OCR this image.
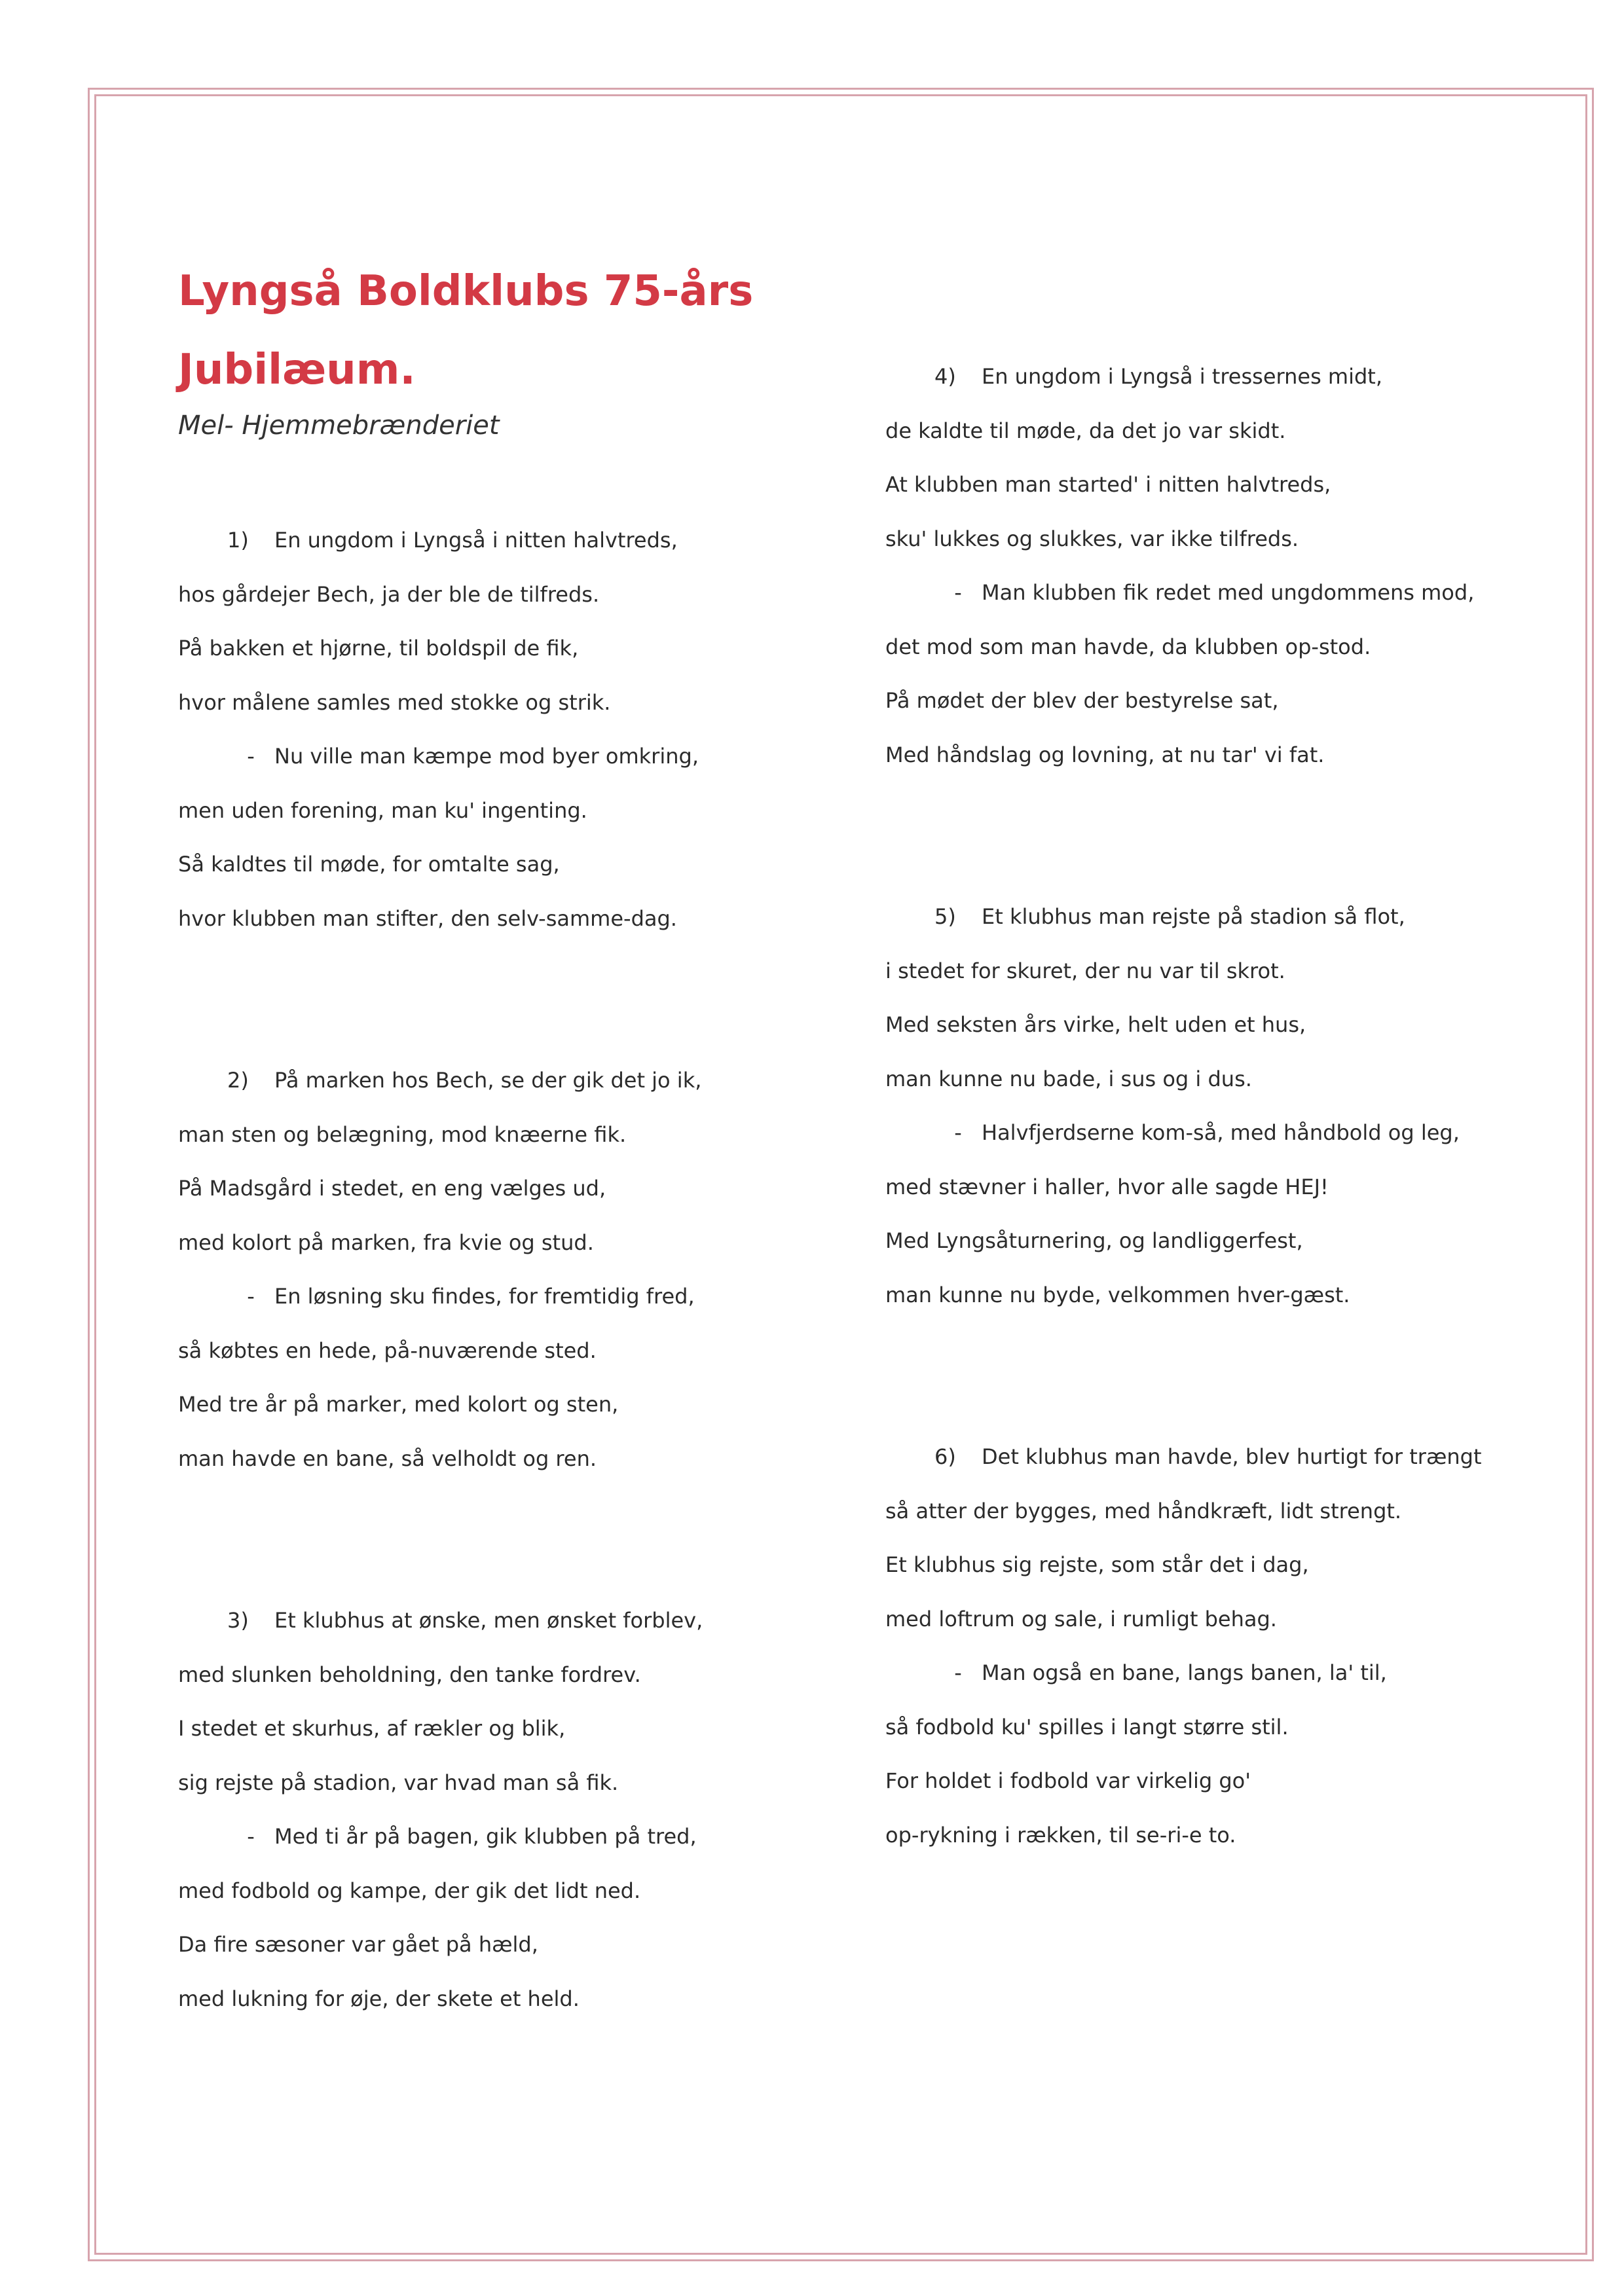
Lyngså Boldklubs 75-års Jubilæum.
Mel- Hjemmebrænderiet
1) En ungdom i Lyngså i nitten halvtreds,
hos gårdejer Bech, ja der ble de tilfreds.
På bakken et hjørne, til boldspil de fik,
hvor målene samles med stokke og strik.
- Nu ville man kæmpe mod byer omkring,
men uden forening, man ku' ingenting.
Så kaldtes til møde, for omtalte sag,
hvor klubben man stifter, den selv-samme-dag.
2) På marken hos Bech, se der gik det jo ik,
man sten og belægning, mod knæerne fik.
På Madsgård i stedet, en eng vælges ud,
med kolort på marken, fra kvie og stud.
- En løsning sku findes, for fremtidig fred,
så købtes en hede, på-nuværende sted.
Med tre år på marker, med kolort og sten,
man havde en bane, så velholdt og ren.
3) Et klubhus at ønske, men ønsket forblev,
med slunken beholdning, den tanke fordrev.
I stedet et skurhus, af rækler og blik,
sig rejste på stadion, var hvad man så fik.
- Med ti år på bagen, gik klubben på tred,
med fodbold og kampe, der gik det lidt ned.
Da fire sæsoner var gået på hæld,
med lukning for øje, der skete et held.
4) En ungdom i Lyngså i tressernes midt,
de kaldte til møde, da det jo var skidt.
At klubben man started' i nitten halvtreds,
sku' lukkes og slukkes, var ikke tilfreds.
- Man klubben fik redet med ungdommens mod,
det mod som man havde, da klubben op-stod.
På mødet der blev der bestyrelse sat,
Med håndslag og lovning, at nu tar' vi fat.
5) Et klubhus man rejste på stadion så flot,
i stedet for skuret, der nu var til skrot.
Med seksten års virke, helt uden et hus,
man kunne nu bade, i sus og i dus.
- Halvfjerdserne kom-så, med håndbold og leg,
med stævner i haller, hvor alle sagde HEJ!
Med Lyngsåturnering, og landliggerfest,
man kunne nu byde, velkommen hver-gæst.
6) Det klubhus man havde, blev hurtigt for trængt
så atter der bygges, med håndkræft, lidt strengt.
Et klubhus sig rejste, som står det i dag,
med loftrum og sale, i rumligt behag.
- Man også en bane, langs banen, la' til,
så fodbold ku' spilles i langt større stil.
For holdet i fodbold var virkelig go'
op-rykning i rækken, til se-ri-e to.
